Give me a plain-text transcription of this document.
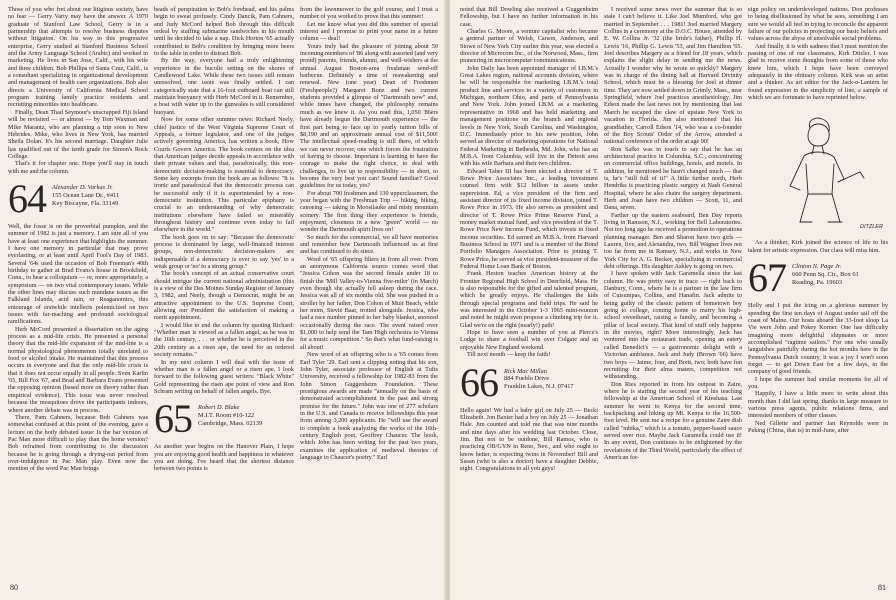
Those of you who fret about our litigious society, have no fear — Gerry Varty may have the answer. A 1970 graduate of Stanford Law School, Gerry is in a partnership that attempts to resolve business disputes without litigation. On his way to this progressive enterprise, Gerry studied at Stanford Business School and the Army Language School (Arabic) and worked in marketing. He lives in San Jose, Calif., with his wife and three children. Bob Phillips of Santa Cruz, Calif., is a consultant specializing in organizational development and management of health care organizations. Bob also directs a University of California Medical School program training family practice residents and recruiting minorities into healthcare.

Finally, Dean Thad Seymour's unscrapped Fiji Island will be revisited — or almost — by Tom Waxman and Mike Marantz, who are planning a trip soon to New Hebrides. Mike, who lives in New York, has married Sheila Dolan. It's his second marriage. Daughter Julie has qualified out of the tenth grade for Simon's Rock College.

That's it for chapter one. Hope you'll stay in touch with me and the column.

64 Alexander D. Varkas Jr.
155 Ocean Lane Dr., #411
Key Biscayne, Fla. 33149

Well, the fosse is on the proverbial pumpkin, and the summer of 1982 is just a memory. I am sure all of you have at least one experience that highlights the summer. I have one memory in particular that may prove everlasting, or at least until April Fool's Day of 1983. Several '64s used the occasion of Bob Freeman's 40th birthday to gather at Brad Evans's house in Brookfield, Conn., to hear a colloquium — or, more appropriately, a symposium — on two vital contemporary issues. While the other lines may discuss such mundane issues as the Falkland Islands, acid rain, or Reaganomics, this entourage of erstwhile intellects polemicized on two issues with far-reaching and profound sociological ramifications.

Herb McCord presented a dissertation on the aging process as a mid-life crisis. He presented a personal theory that the mid-life expansion of the mid-line is a normal physiological phenomenon totally unrelated to food or alcohol intake. He maintained that this process occurs in everyone and that the only mid-life crisis is that it does not occur equally in all people. Sven Karlin '65, Bill Fox '67, and Brad and Barbara Evans presented the opposing opinion (based more on theory rather than empirical evidence). This issue was never resolved because the mosquitoes drove the participants indoors, where another debate was in process.

There, Pam Cahners, because Bob Cahners was somewhat confused at this point of the evening, gave a lecture on the hotly debated issue: Is the bar version of Pac Man more difficult to play than the home version? Bob refrained from contributing to the discussion because he is going through a drying-out period from over-indulgence in Pac Man play. Even now the mention of the word Pac Man brings

beads of perspiration to Bob's forehead, and his palms begin to sweat profusely. Cindy Dancik, Pam Cahners, and Judy McCord helped Bob through this difficult ordeal by stuffing submarine sandwiches in his mouth until he decided to take a nap. Dick Horton '65 actually contributed to Bob's condition by bringing more beers to the table in order to distract Bob.

By the way, everyone had a truly enlightening experience in the bucolic setting on the shores of Candlewood Lake. While these two issues still remain unresolved, one issue was finally settled. I can categorically state that a 16-foot outboard boat can still maintain buoyancy with Herb McCord in it. Remember, a boat with water up to the gunwales is still considered buoyant.

Now for some other summer news: Richard Neely, chief justice of the West Virginia Supreme Court of Appeals, a former legislator, and one of the judges actively governing America, has written a book, How Courts Govern America. The book centers on the idea that American judges decide appeals in accordance with their private values and that, paradoxically, this non-democratic decision-making is essential to democracy. Some key excerpts from the book are as follows: "It is ironic and paradoxical that the democratic process can be successful only if it is superintended by a non-democratic institution. This particular epiphany is crucial to an understanding of why democratic institutions elsewhere have failed so miserably throughout history and continue even today to fail elsewhere in the world."

The book goes on to say: "Because the democratic process is dominated by large, well-financed interest groups, non-democratic decision-makers are indispensable if a democracy is ever to say 'yes' to a weak group or 'no' to a strong group."

The book's concept of an actual conservative court should intrigue the current national administration (this is a view of the Des Moines Sunday Register of January 3, 1982, and Neely, though a Democrat, might be an attractive appointment to the U.S. Supreme Court, allowing our President the satisfaction of making a merit appointment.

I would like to end the column by quoting Richard: "Whether man is viewed as a fallen angel, as he was in the 16th century, . . . or whether he is perceived in the 20th century as a risen ape, the need for an ordered society remains."

In my next column I will deal with the issue of whether man is a fallen angel or a risen ape. I look forward to the following guest writers: "Black White" Gold representing the risen ape point of view and Ron Schram writing on behalf of fallen angels. Bye.

65 Robert D. Blake
M.I.T. Room #10-122
Cambridge, Mass. 02139

As another year begins on the Hanover Plain, I hope you are enjoying good health and happiness in whatever you are doing. I've heard that the shortest distance between two points is

from the lawnmower to the golf course, and I trust a number of you worked to prove that this summer!

Let me know what you did this summer of special interest and I promise to print your name in a future column — deal!

Yours truly had the pleasure of joining about 50 incoming members of '86 along with assorted (and very proud) parents, friends, alumni, and well-wishers at the annual August Boston-area freshman send-off barbecue. Definitely a time of reawakening and renewal. New (one year) Dean of Freshmen (Freshpeople?) Margaret Bonz and two current students provided a glimpse of "Dartmouth now" and, while times have changed, the philosophy remains much as we knew it. As you read this, 1,050 '86ers have already begun the Dartmouth experience — the first part being to face up to yearly tuition bills of $8,190 and an approximate annual cost of $11,500! The intellectual speed-reading is still there, of which we can never recover, one which forces the frustration of having to choose. Important is learning to have the courage to make the right choice, to deal with challenges, to live up to responsibility — in short, to become the very best you can! Sound familiar? Good guidelines for us today, yes?

For about 700 freshmen and 130 upperclassmen, the year began with the Freshman Trip — hiking, biking, canoeing — taking in Moosilauke and misty mountain scenery. The first thing they experience is friends, enjoyment, closeness in a new "green" world — no wonder the Dartmouth spirit lives on!

So much for the commercial, we all have memories and remember how Dartmouth influenced us at first and has continued to do since.

Word of '65 offspring filters in from all over. From an anonymous California source comes word that "Jessica Cohon was the second female under 18 to finish the 'Mill Valley-to-Vienna five-miler' (in March) even though she actually fell asleep during the race. Jessica was all of six months old. She was pushed in a stroller by her father, Don Cohon of Muir Beach, while her mom, Stevie Baar, trotted alongside. Jessica, who had a race number pinned to her baby blanket, snoozed occasionally during the race. The event raised over $1,000 to help send the Tam High orchestra to Vienna for a music competition." So that's what fund-raising is all about!

New word of an offspring who is a '65 comes from Earl Tyler '29. Earl sent a clipping noting that his son, John Tyler, associate professor of English at Tufts University, received a fellowship for 1982-83 from the John Simon Guggenheim Foundation. These prestigious awards are made "annually on the basis of demonstrated accomplishment in the past and strong promise for the future." John was one of 277 scholars in the U.S. and Canada to receive fellowships this year from among 3,200 applicants. He "will use the award to complete a book analyzing the works of the 16th-century English poet, Geoffrey Chaucer. The book, which John has been writing for the past two years, examines the application of medieval theories of language to Chaucer's poetry." Earl

80

noted that Bill Dowling also received a Guggenheim Fellowship, but I have no further information in his case.

Charles G. Moore, a venture capitalist who became a general partner of Welsh, Carson, Anderson, and Stowe of New York City earlier this year, was elected a director of Microcom Inc., of the Norwood, Mass., firm pioneering in microcomputer communications.

John Daily has been appointed manager of I.B.M.'s Great Lakes region, national accounts division, where he will be responsible for marketing I.B.M.'s total product line and services to a variety of customers in Michigan, northern Ohio, and parts of Pennsylvania and New York. John joined I.B.M. as a marketing representative in 1968 and has held marketing and management positions on the branch and regional levels in New York, South Carolina, and Washington, D.C. Immediately prior to his new position, John served as director of marketing operations for National Federal Marketing in Bethesda, Md. John, who has an M.B.A. from Columbia, will live in the Detroit area with his wife Barbara and their two children.

Edward Taber III has been elected a director of T. Rowe Price Associates Inc., a leading investment counsel firm with $12 billion in assets under supervision. Ed, a vice president of the firm and assistant director of its fixed income division, joined T. Rowe Price in 1973. He also serves as president and director of T. Rowe Price Prime Reserve Fund, a money market mutual fund, and vice president of the T. Rowe Price New Income Fund, which invests in fixed income securities. Ed earned an M.B.A. from Harvard Business School in 1971 and is a member of the Bond Portfolio Managers Association. Prior to joining T. Rowe Price, he served as vice president-treasurer of the Federal Home Loan Bank of Boston.

Frank Heston teaches American history at the Frontier Regional High School in Deerfield, Mass. He is also responsible for the gifted and talented program, which he greatly enjoys. He challenges the kids through special programs and field trips. He said he was interested in the October 1-3 1965 mini-reunion and noted he might even propose a climbing trip for it. Glad we're on the right (nearly!) path!

Hope to have seen a number of you at Pierce's Lodge to share a football win over Colgate and an enjoyable New England weekend.

Till next month — keep the faith!

66 Rick Mac Millan
884 Pueblo Drive
Franklin Lakes, N.J. 07417

Hello again! We had a baby girl on July 25 — Becki Elizabeth. Jon Baxter had a boy on July 25 — Jonathan Hale. Jim counted and told me that was nine months and nine days after his wedding last October. Close, Jim. But not to be outdone, Bill Ramos, who is practicing OB/GYN in Reno, Nev., and who ought to know better, is expecting twins in November! Bill and Susan (who is also a doctor) have a daughter Debbie, eight. Congratulations to all you guys!

I received some news over the summer that is so stale I can't believe it. Like Joel Mumford, who got married in September . . . 1981! Joel married Margery Collins in a ceremony at the D.O.C. House, attended by E. W. Collins Jr. '32 (the bride's father), Phillip H. Lewis '16, Phillip G. Lewis '53, and Jim Hamilton '65. Joel describes Margery as a friend for 18 years, which explains the slight delay in sending me the news. Actually I wonder why he wrote so quickly? Margery was in charge of the dining hall at Harvard Divinity School, which must be a blessing for Joel at dinner time. They are now settled down in Grimly, Mass., near Springfield, where Joel practices anesthesiology. Jim Edson made the last news not by mentioning that last March he escaped the claw of upstate New York to vacation in Florida. Jim also mentioned that his grandfather, Carroll Edson '14, who was a co-founder of the Boy Scouts' Order of the Arrow, attended a national conference of the order at age 90!

Ron Safko was in touch to say that he has an architectural practice in Columbia, S.C., concentrating on commercial office buildings, hotels, and motels. In addition, he mentioned he hasn't changed much — that is, he's "still full of it!" A little further north, Herb Hendriks is practicing plastic surgery at Nash General Hospital, where he also chairs the surgery department. Herb and Joan have two children — Scott, 11, and Dana, seven.

Farther up the eastern seaboard, Ben Day reports living in Ramson, N.J., working for Bell Laboratories. Not too long ago he received a promotion to operations planning manager. Ben and Sharon have two girls — Lauren, five, and Alexandra, two. Bill Wagner lives not too far from me in Ramsey, N.J., and works in New York City for A. G. Becker, specializing in commercial debt offerings. His daughter Ashley is going on two.

I have spoken with Jack Garamella since the last column. He was pretty easy to trace — right back to Danbury, Conn., where he is a partner in the law firm of Cutsumpas, Collins, and Hanafin. Jack admits to being guilty of the classic pattern of hometown boy going to college, coming home to marry his high-school sweetheart, raising a family, and becoming a pillar of local society. That kind of stuff only happens in the movies, right? More interestingly, Jack has ventured into the restaurant trade, opening an eatery called Benedict's — a gastronomic delight with a Victorian ambiance. Jack and Judy (Brown '66) have two boys — Jaime, four, and Brett, two; both have fun recruiting for their alma maters, competition not withstanding.

Don Ries reported in from his outpost in Zaire, where he is starting the second year of his teaching fellowship at the American School of Kinshasa. Last summer he went to Kenya for the second time, backpacking and hiking up Mt. Kenya to the 16,500-foot level. He sent me a recipe for a genuine Zaire dish called "mbika," which is a tomato, pepper-based sauce served over rice. Maybe Jack Garamella could use it! In any event, Don continues to be enlightened by the revelations of the Third World, particularly the effect of American for-

eign policy on underdeveloped nations. Don professes to being disillusioned by what he sees, something I am sure we would all feel in trying to reconcile the apparent failure of our policies in projecting our basic beliefs and values across the abyss of unsolvable social problems.

And finally, it is with sadness that I must mention the passing of one of our classmates, Kirk Ditzler. I was glad to receive some thoughts from some of those who knew him, which I hope have been conveyed adequately in the obituary column. Kirk was an artist and a thinker. As art editor for the Jack-o-Lantern he found expression in the simplicity of line, a sample of which we are fortunate to have reprinted below.

DITZLER

As a thinker, Kirk joined the science of life to his talent for artistic expression. Our class will miss him.

67 Clinton N. Page Jr.
660 Penn Sq. Ctr., Box 61
Reading, Pa. 19603

Holly and I put the icing on a glorious summer by spending the first ten days of August under sail off the coast of Maine. Our hosts aboard the 33-foot sloop La Vie were John and Pokey Korner. One has difficulty imagining more delightful shipmates or more accomplished "ragtime sailors." For one who usually languishes painfully during the hot months here in the Pennsylvania Dutch country, it was a joy I won't soon forget — to get Down East for a few days, in the company of good friends.

I hope the summer had similar moments for all of you.

Happily, I have a little more to write about this month than I did last spring, thanks in large measure to various press agents, public relations firms, and interested members of other classes.

Ned Gillette and partner Jan Reynolds were in Peking (China, that is) in mid-June, after

81
